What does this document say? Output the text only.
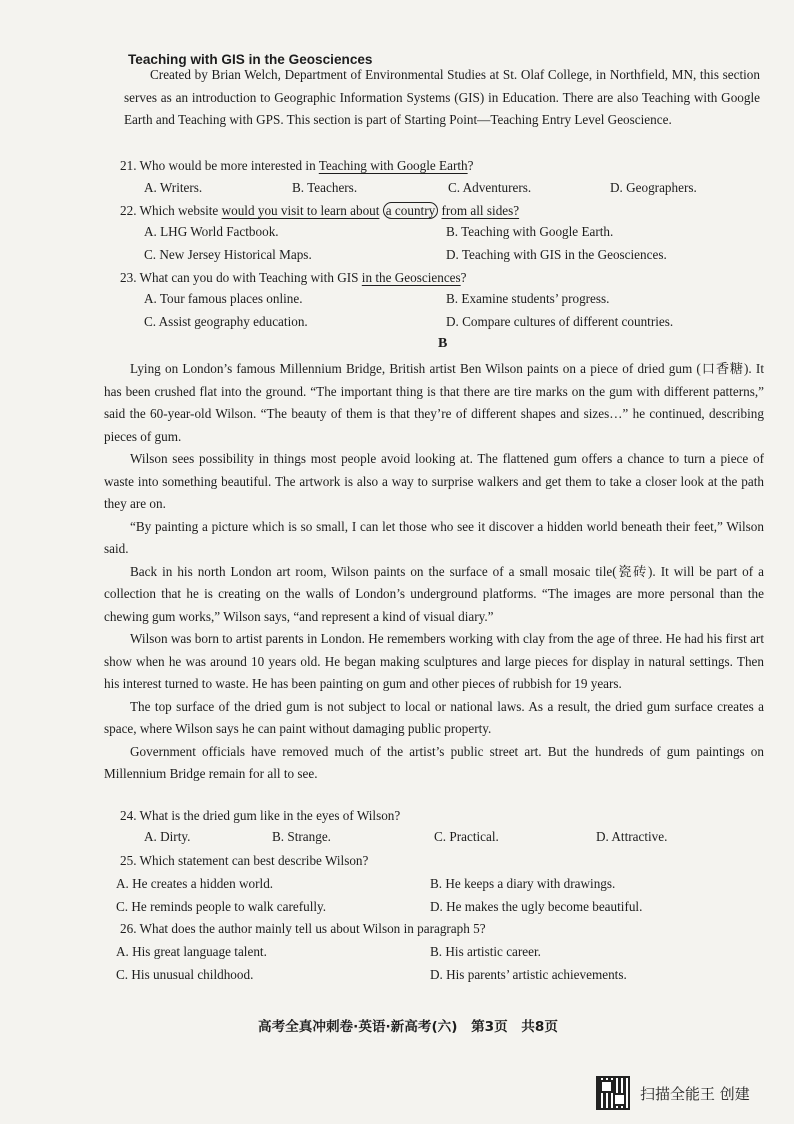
Teaching with GIS in the Geosciences

Created by Brian Welch, Department of Environmental Studies at St. Olaf College, in Northfield, MN, this section serves as an introduction to Geographic Information Systems (GIS) in Education. There are also Teaching with Google Earth and Teaching with GPS. This section is part of Starting Point—Teaching Entry Level Geoscience.

21. Who would be more interested in Teaching with Google Earth?
A. Writers.	B. Teachers.	C. Adventurers.	D. Geographers.
22. Which website would you visit to learn about a country from all sides?
A. LHG World Factbook.	B. Teaching with Google Earth.
C. New Jersey Historical Maps.	D. Teaching with GIS in the Geosciences.
23. What can you do with Teaching with GIS in the Geosciences?
A. Tour famous places online.	B. Examine students’ progress.
C. Assist geography education.	D. Compare cultures of different countries.
B

Lying on London’s famous Millennium Bridge, British artist Ben Wilson paints on a piece of dried gum (口香糖). It has been crushed flat into the ground. “The important thing is that there are tire marks on the gum with different patterns,” said the 60-year-old Wilson. “The beauty of them is that they’re of different shapes and sizes…” he continued, describing pieces of gum.

Wilson sees possibility in things most people avoid looking at. The flattened gum offers a chance to turn a piece of waste into something beautiful. The artwork is also a way to surprise walkers and get them to take a closer look at the path they are on.

“By painting a picture which is so small, I can let those who see it discover a hidden world beneath their feet,” Wilson said.

Back in his north London art room, Wilson paints on the surface of a small mosaic tile(瓷砖). It will be part of a collection that he is creating on the walls of London’s underground platforms. “The images are more personal than the chewing gum works,” Wilson says, “and represent a kind of visual diary.”

Wilson was born to artist parents in London. He remembers working with clay from the age of three. He had his first art show when he was around 10 years old. He began making sculptures and large pieces for display in natural settings. Then his interest turned to waste. He has been painting on gum and other pieces of rubbish for 19 years.

The top surface of the dried gum is not subject to local or national laws. As a result, the dried gum surface creates a space, where Wilson says he can paint without damaging public property.

Government officials have removed much of the artist’s public street art. But the hundreds of gum paintings on Millennium Bridge remain for all to see.

24. What is the dried gum like in the eyes of Wilson?
A. Dirty.	B. Strange.	C. Practical.	D. Attractive.
25. Which statement can best describe Wilson?
A. He creates a hidden world.	B. He keeps a diary with drawings.
C. He reminds people to walk carefully.	D. He makes the ugly become beautiful.
26. What does the author mainly tell us about Wilson in paragraph 5?
A. His great language talent.	B. His artistic career.
C. His unusual childhood.	D. His parents’ artistic achievements.
高考全真冲刺卷·英语·新高考(六)　第3页　共8页
扫描全能王 创建
